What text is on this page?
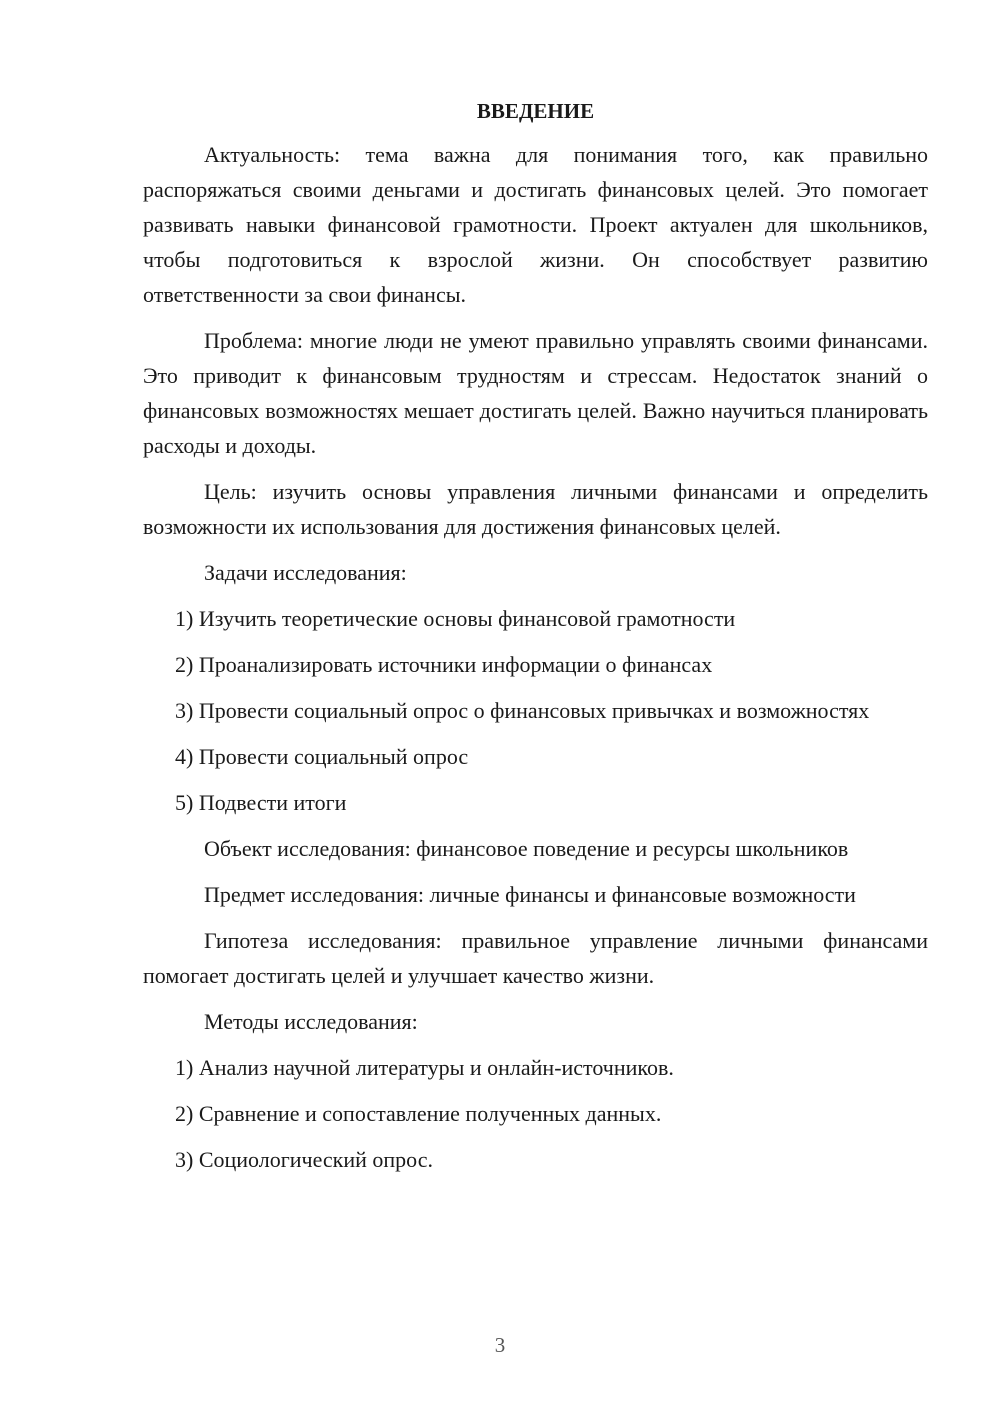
ВВЕДЕНИЕ
Актуальность: тема важна для понимания того, как правильно распоряжаться своими деньгами и достигать финансовых целей. Это помогает развивать навыки финансовой грамотности. Проект актуален для школьников, чтобы подготовиться к взрослой жизни. Он способствует развитию ответственности за свои финансы.
Проблема: многие люди не умеют правильно управлять своими финансами. Это приводит к финансовым трудностям и стрессам. Недостаток знаний о финансовых возможностях мешает достигать целей. Важно научиться планировать расходы и доходы.
Цель: изучить основы управления личными финансами и определить возможности их использования для достижения финансовых целей.
Задачи исследования:
1) Изучить теоретические основы финансовой грамотности
2) Проанализировать источники информации о финансах
3) Провести социальный опрос о финансовых привычках и возможностях
4) Провести социальный опрос
5) Подвести итоги
Объект исследования: финансовое поведение и ресурсы школьников
Предмет исследования: личные финансы и финансовые возможности
Гипотеза исследования: правильное управление личными финансами помогает достигать целей и улучшает качество жизни.
Методы исследования:
1) Анализ научной литературы и онлайн-источников.
2) Сравнение и сопоставление полученных данных.
3) Социологический опрос.
3
